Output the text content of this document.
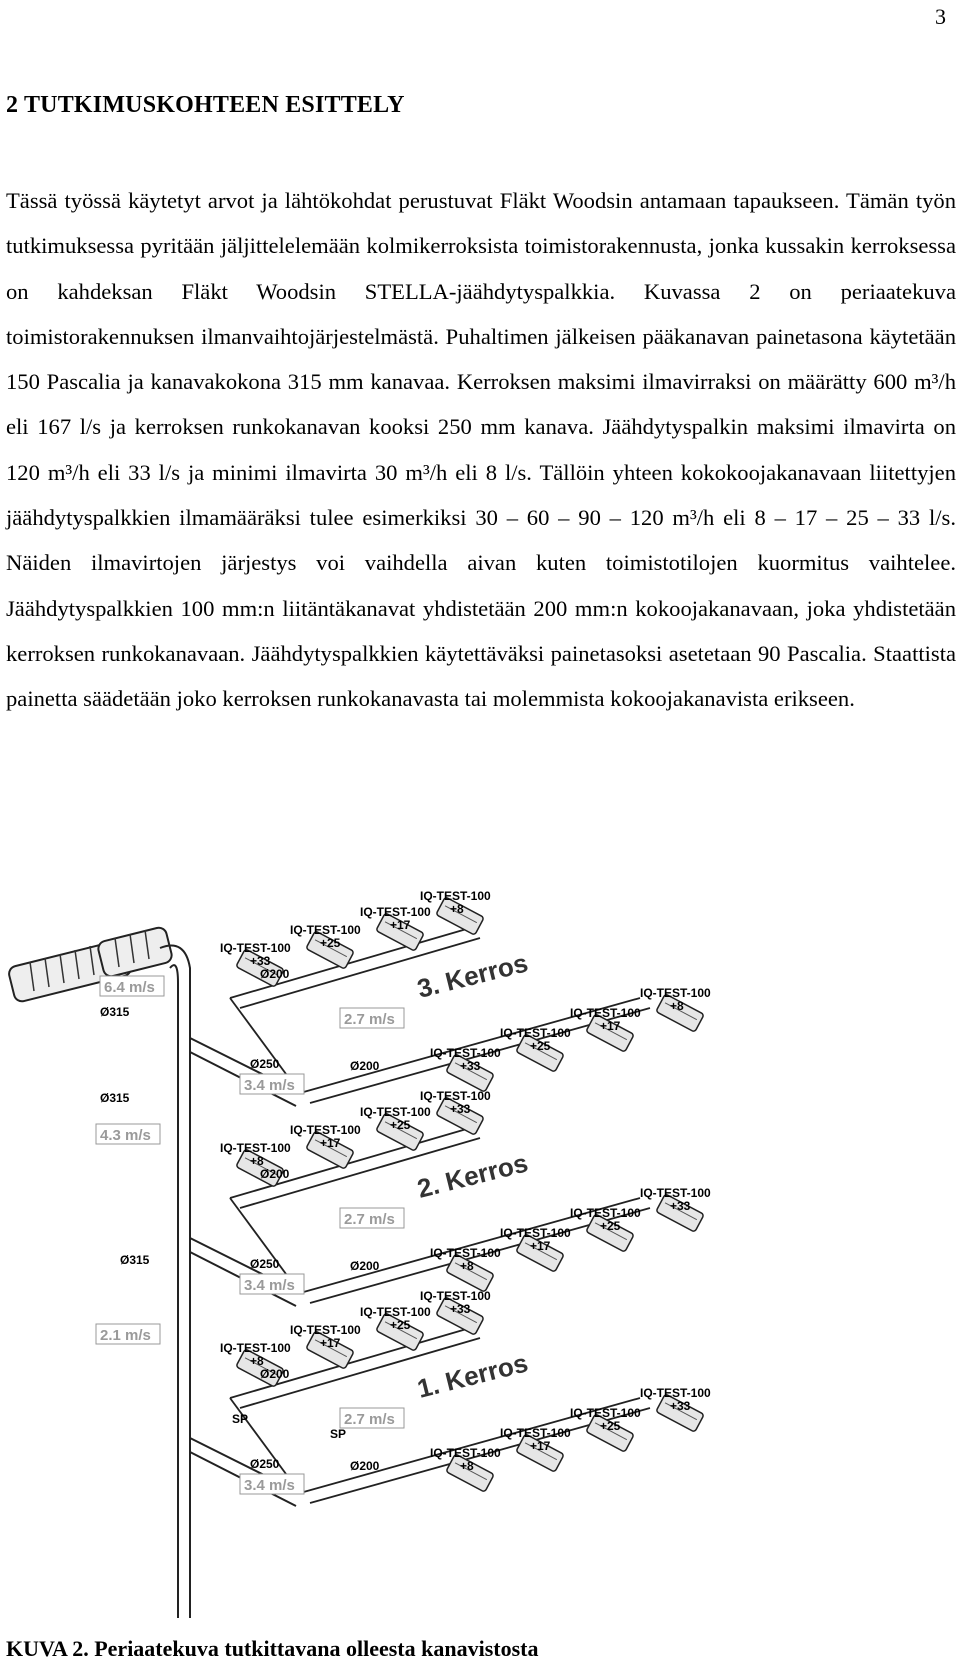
3
2 TUTKIMUSKOHTEEN ESITTELY

Tässä työssä käytetyt arvot ja lähtökohdat perustuvat Fläkt Woodsin antamaan tapaukseen. Tämän työn tutkimuksessa pyritään jäljittelelemään kolmikerroksista toimistorakennusta, jonka kussakin kerroksessa on kahdeksan Fläkt Woodsin STELLA-jäähdytyspalkkia. Kuvassa 2 on periaatekuva toimistorakennuksen ilmanvaihtojärjestelmästä. Puhaltimen jälkeisen pääkanavan painetasona käytetään 150 Pascalia ja kanavakokona 315 mm kanavaa. Kerroksen maksimi ilmavirraksi on määrätty 600 m³/h eli 167 l/s ja kerroksen runkokanavan kooksi 250 mm kanava. Jäähdytyspalkin maksimi ilmavirta on 120 m³/h eli 33 l/s ja minimi ilmavirta 30 m³/h eli 8 l/s. Tällöin yhteen kokokoojakanavaan liitettyjen jäähdytyspalkkien ilmamääräksi tulee esimerkiksi 30 – 60 – 90 – 120 m³/h eli 8 – 17 – 25 – 33 l/s. Näiden ilmavirtojen järjestys voi vaihdella aivan kuten toimistotilojen kuormitus vaihtelee. Jäähdytyspalkkien 100 mm:n liitäntäkanavat yhdistetään 200 mm:n kokoojakanavaan, joka yhdistetään kerroksen runkokanavaan. Jäähdytyspalkkien käytettäväksi painetasoksi asetetaan 90 Pascalia. Staattista painetta säädetään joko kerroksen runkokanavasta tai molemmista kokoojakanavista erikseen.

IQ-TEST-100
+33
IQ-TEST-100
+25
IQ-TEST-100
+17
IQ-TEST-100
+8
IQ-TEST-100
+33
IQ-TEST-100
+25
IQ-TEST-100
+17
IQ-TEST-100
+8
3. Kerros
2.7 m/s
3.4 m/s
Ø250
Ø200
Ø200
IQ-TEST-100
+8
IQ-TEST-100
+17
IQ-TEST-100
+25
IQ-TEST-100
+33
IQ-TEST-100
+8
IQ-TEST-100
+17
IQ-TEST-100
+25
IQ-TEST-100
+33
2. Kerros
2.7 m/s
3.4 m/s
Ø250
Ø200
Ø200
IQ-TEST-100
+8
IQ-TEST-100
+17
IQ-TEST-100
+25
IQ-TEST-100
+33
IQ-TEST-100
+8
IQ-TEST-100
+17
IQ-TEST-100
+25
IQ-TEST-100
+33
1. Kerros
2.7 m/s
3.4 m/s
Ø250
Ø200
Ø200
SP
SP
6.4 m/s
Ø315
Ø315
4.3 m/s
Ø315
2.1 m/s
KUVA 2. Periaatekuva tutkittavana olleesta kanavistosta
